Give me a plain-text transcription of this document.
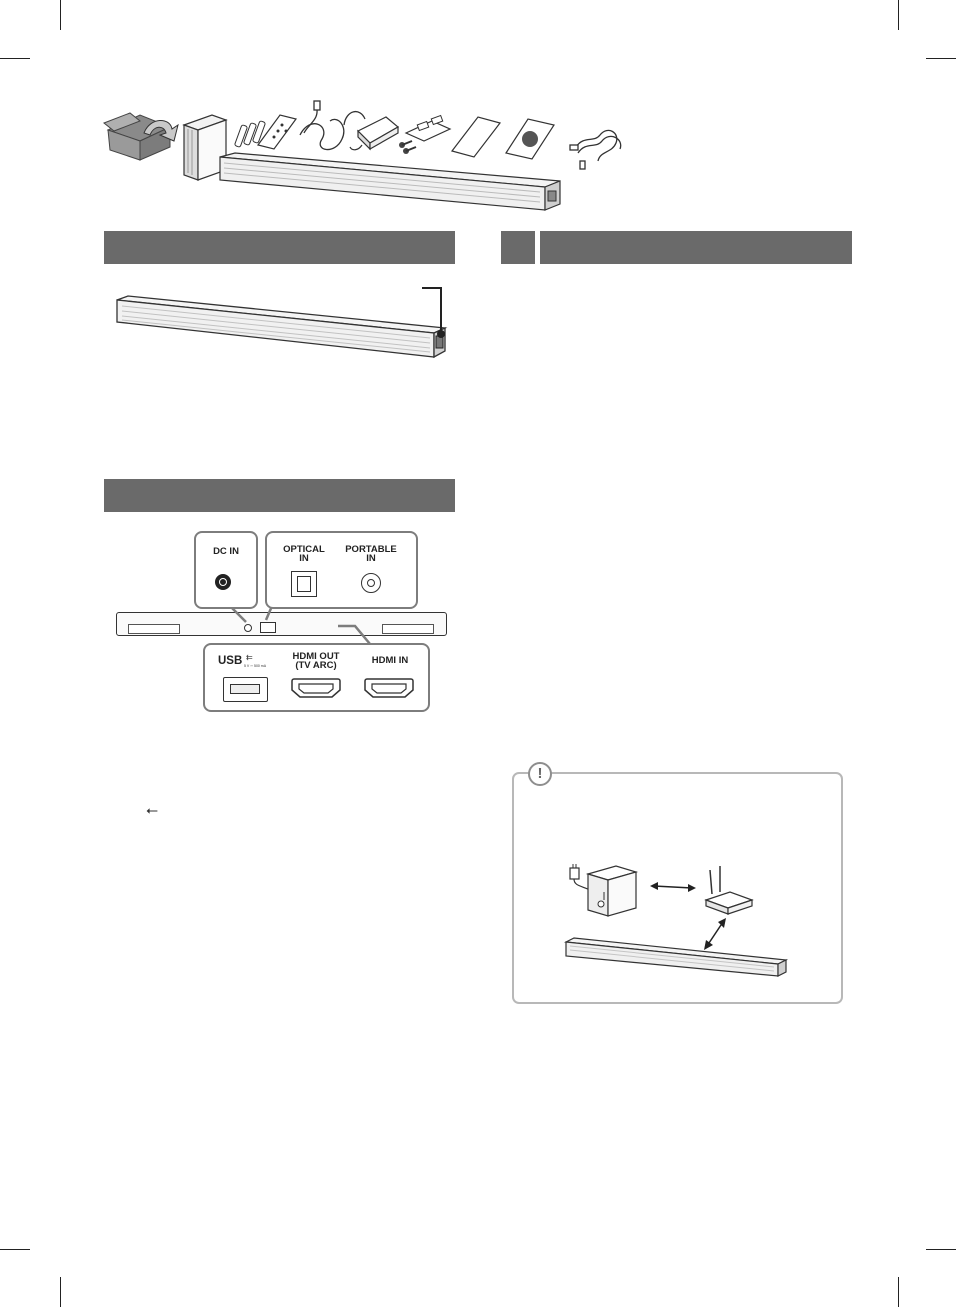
DC IN	OPTICAL
IN
PORTABLE
IN
USB ⇇
5 V ⎓ 500 mA
HDMI OUT
(TV ARC)	HDMI IN
⭠
!
